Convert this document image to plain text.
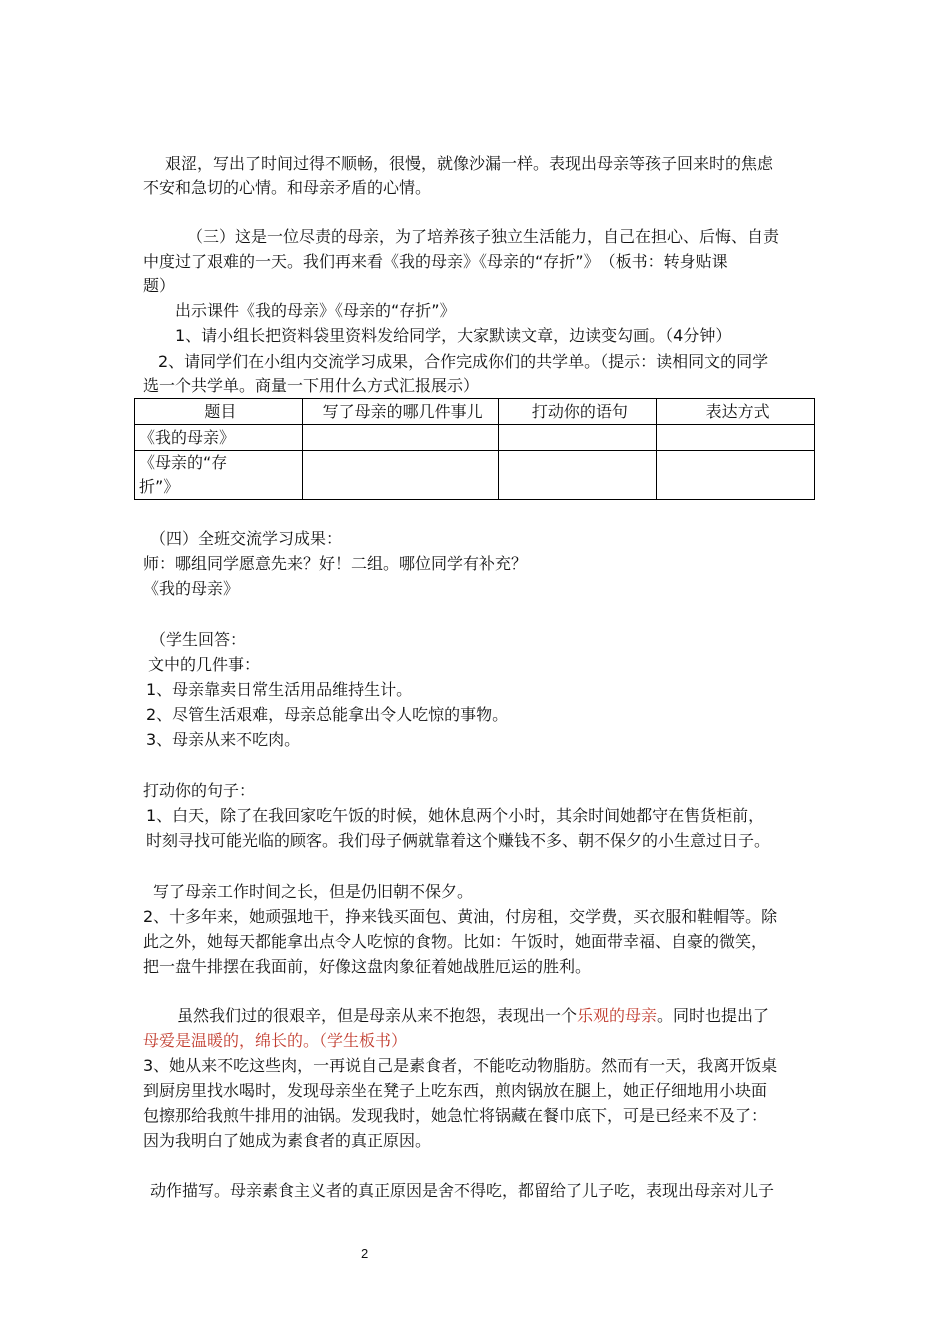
艰涩，写出了时间过得不顺畅，很慢，就像沙漏一样。表现出母亲等孩子回来时的焦虑
不安和急切的心情。和母亲矛盾的心情。
（三）这是一位尽责的母亲，为了培养孩子独立生活能力，自己在担心、后悔、自责
中度过了艰难的一天。我们再来看《我的母亲》《母亲的“存折”》　（板书：转身贴课
题）
出示课件《我的母亲》《母亲的“存折”》
1、请小组长把资料袋里资料发给同学，大家默读文章，边读变勾画。（4分钟）
2、请同学们在小组内交流学习成果，合作完成你们的共学单。（提示：读相同文的同学
选一个共学单。商量一下用什么方式汇报展示）
题目	写了母亲的哪几件事儿	打动你的语句	表达方式
《我的母亲》			

《母亲的“存
折”》			

（四）全班交流学习成果：
师：哪组同学愿意先来？好！二组。哪位同学有补充？
《我的母亲》
（学生回答：
文中的几件事：
1、母亲靠卖日常生活用品维持生计。
2、尽管生活艰难，母亲总能拿出令人吃惊的事物。
3、母亲从来不吃肉。
打动你的句子：
1、白天，除了在我回家吃午饭的时候，她休息两个小时，其余时间她都守在售货柜前，
时刻寻找可能光临的顾客。我们母子俩就靠着这个赚钱不多、朝不保夕的小生意过日子。
写了母亲工作时间之长，但是仍旧朝不保夕。
2、十多年来，她顽强地干，挣来钱买面包、黄油，付房租，交学费，买衣服和鞋帽等。除
此之外，她每天都能拿出点令人吃惊的食物。比如：午饭时，她面带幸福、自豪的微笑，
把一盘牛排摆在我面前，好像这盘肉象征着她战胜厄运的胜利。
虽然我们过的很艰辛，但是母亲从来不抱怨，表现出一个乐观的母亲。同时也提出了
母爱是温暖的，绵长的。（学生板书）
3、她从来不吃这些肉，一再说自己是素食者，不能吃动物脂肪。然而有一天，我离开饭桌
到厨房里找水喝时，发现母亲坐在凳子上吃东西，煎肉锅放在腿上，她正仔细地用小块面
包擦那给我煎牛排用的油锅。发现我时，她急忙将锅藏在餐巾底下，可是已经来不及了：
因为我明白了她成为素食者的真正原因。
动作描写。母亲素食主义者的真正原因是舍不得吃，都留给了儿子吃，表现出母亲对儿子
2
